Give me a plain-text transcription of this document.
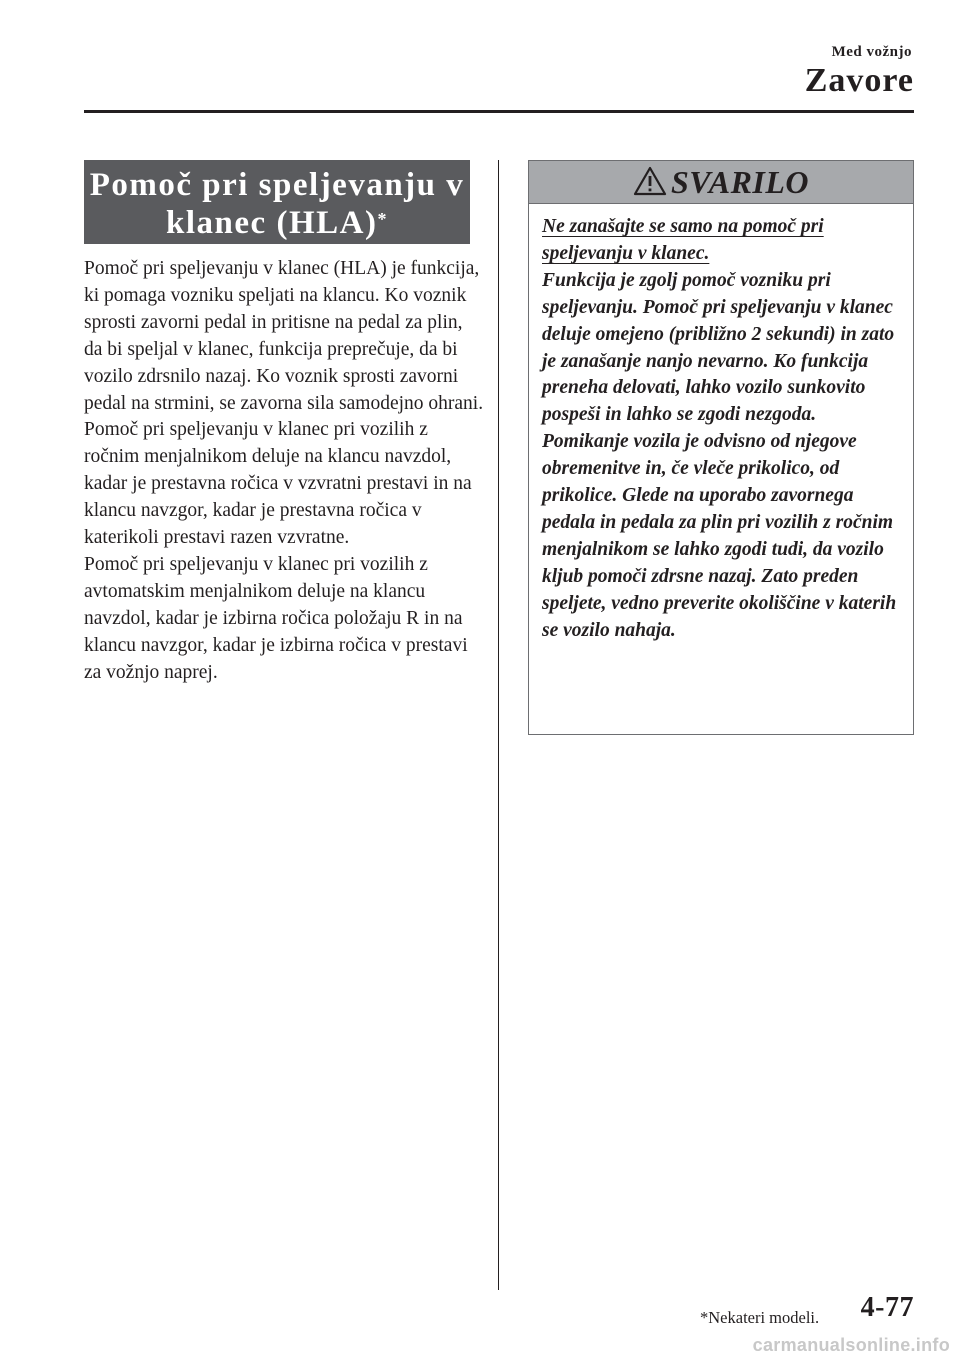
Med vožnjo
Zavore
Pomoč pri speljevanju v
klanec (HLA)*

Pomoč pri speljevanju v klanec (HLA) je funkcija, ki pomaga vozniku speljati na klancu. Ko voznik sprosti zavorni pedal in pritisne na pedal za plin, da bi speljal v klanec, funkcija preprečuje, da bi vozilo zdrsnilo nazaj. Ko voznik sprosti zavorni pedal na strmini, se zavorna sila samodejno ohrani.

Pomoč pri speljevanju v klanec pri vozilih z ročnim menjalnikom deluje na klancu navzdol, kadar je prestavna ročica v vzvratni prestavi in na klancu navzgor, kadar je prestavna ročica v katerikoli prestavi razen vzvratne.

Pomoč pri speljevanju v klanec pri vozilih z avtomatskim menjalnikom deluje na klancu navzdol, kadar je izbirna ročica položaju R in na klancu navzgor, kadar je izbirna ročica v prestavi za vožnjo naprej.

SVARILO

Ne zanašajte se samo na pomoč pri speljevanju v klanec.

Funkcija je zgolj pomoč vozniku pri speljevanju. Pomoč pri speljevanju v klanec deluje omejeno (približno 2 sekundi) in zato je zanašanje nanjo nevarno. Ko funkcija preneha delovati, lahko vozilo sunkovito pospeši in lahko se zgodi nezgoda. Pomikanje vozila je odvisno od njegove obremenitve in, če vleče prikolico, od prikolice. Glede na uporabo zavornega pedala in pedala za plin pri vozilih z ročnim menjalnikom se lahko zgodi tudi, da vozilo kljub pomoči zdrsne nazaj. Zato preden speljete, vedno preverite okoliščine v katerih se vozilo nahaja.

*Nekateri modeli. 4-77
carmanualsonline.info
